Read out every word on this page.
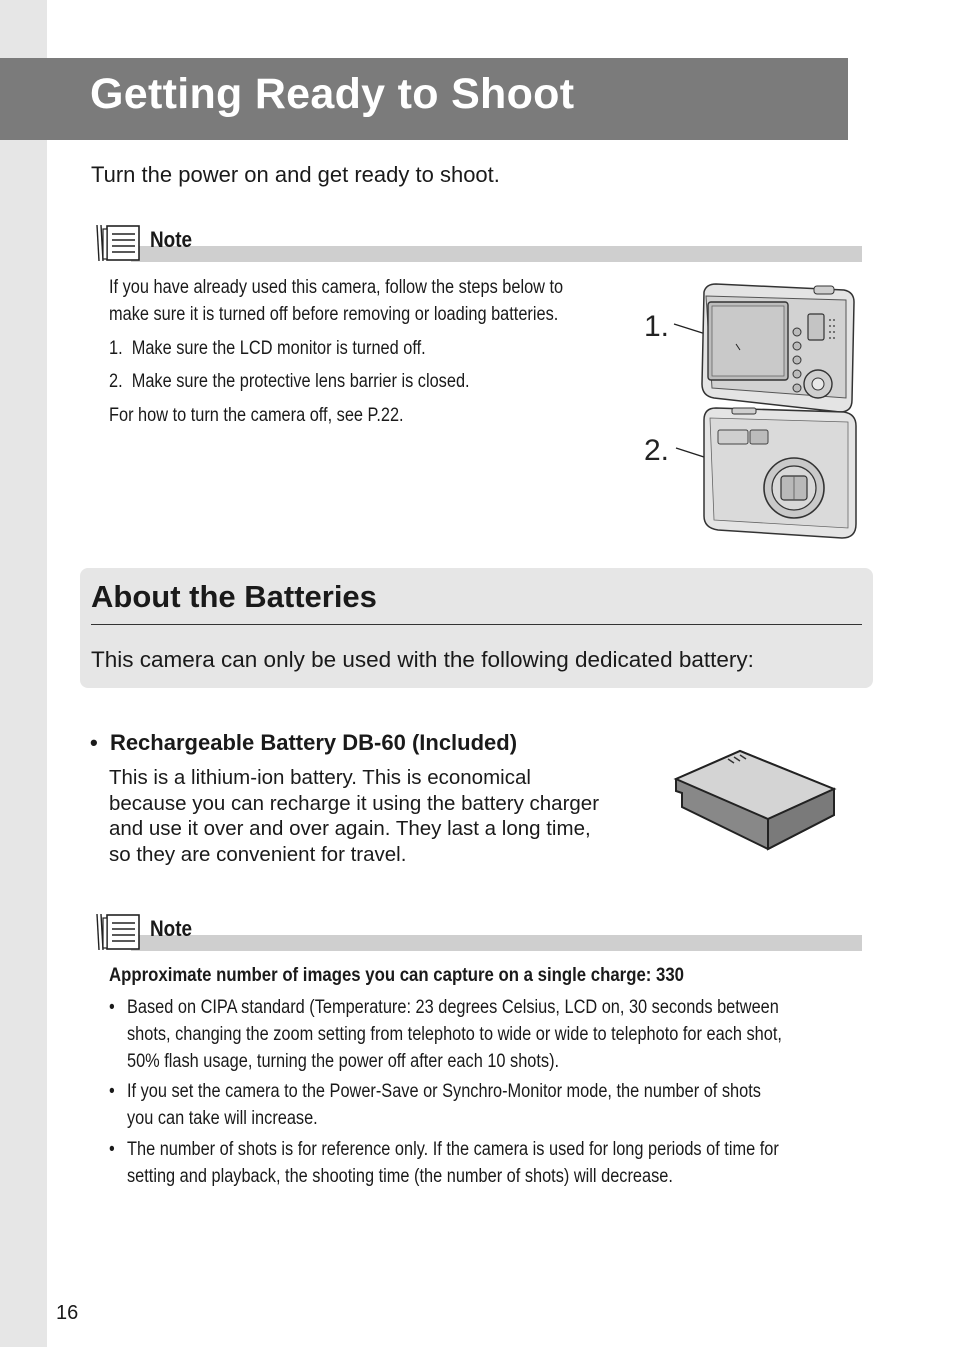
Getting Ready to Shoot
Turn the power on and get ready to shoot.
Note
If you have already used this camera, follow the steps below to
make sure it is turned off before removing or loading batteries.
1. Make sure the LCD monitor is turned off.
2. Make sure the protective lens barrier is closed.
For how to turn the camera off, see P.22.
1.
2.
About the Batteries
This camera can only be used with the following dedicated battery:
• Rechargeable Battery DB-60 (Included)
This is a lithium-ion battery. This is economical
because you can recharge it using the battery charger
and use it over and over again. They last a long time,
so they are convenient for travel.
Note
Approximate number of images you can capture on a single charge: 330
• Based on CIPA standard (Temperature: 23 degrees Celsius, LCD on, 30 seconds between
shots, changing the zoom setting from telephoto to wide or wide to telephoto for each shot,
50% flash usage, turning the power off after each 10 shots).
• If you set the camera to the Power-Save or Synchro-Monitor mode, the number of shots
you can take will increase.
• The number of shots is for reference only. If the camera is used for long periods of time for
setting and playback, the shooting time (the number of shots) will decrease.
16
